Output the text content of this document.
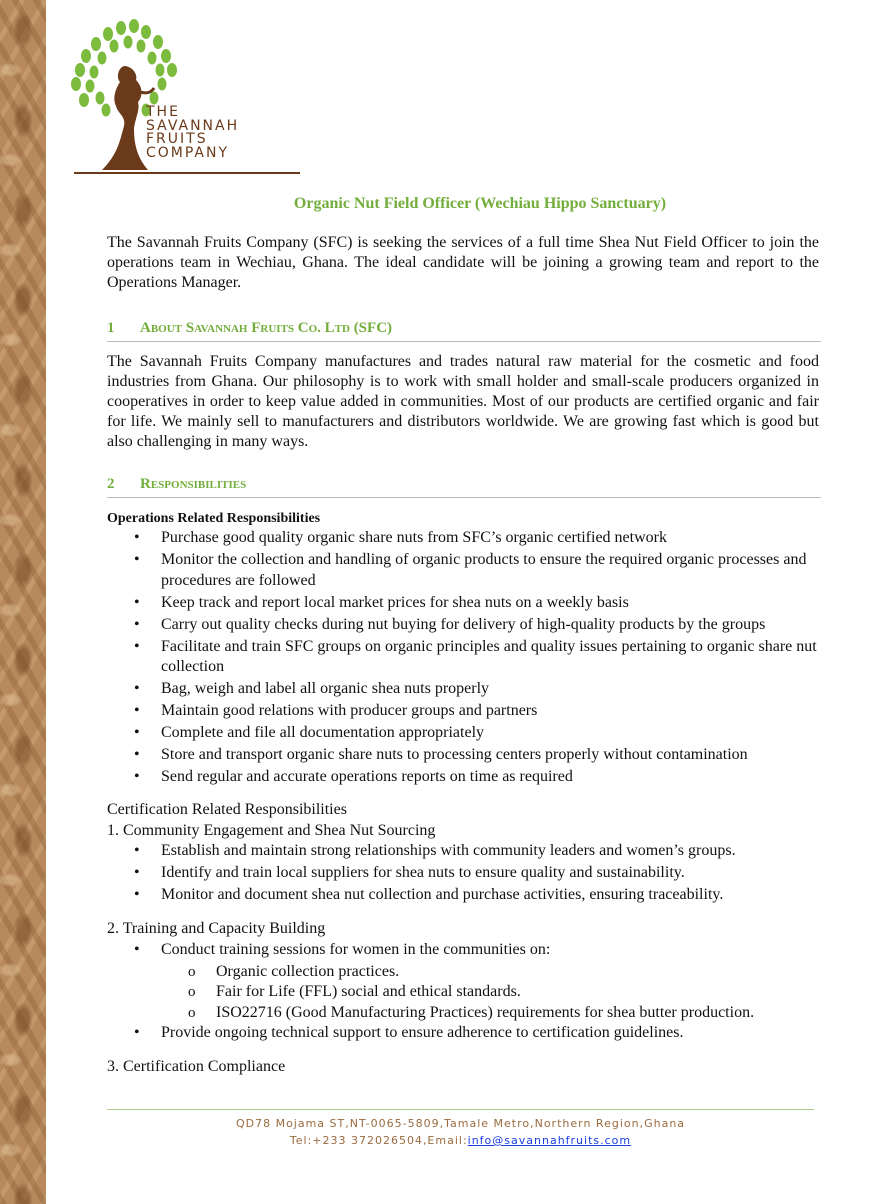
THE
SAVANNAH
FRUITS
COMPANY
Organic Nut Field Officer (Wechiau Hippo Sanctuary)

The Savannah Fruits Company (SFC) is seeking the services of a full time Shea Nut Field Officer to join the operations team in Wechiau, Ghana. The ideal candidate will be joining a growing team and report to the Operations Manager.

1 About Savannah Fruits Co. Ltd (SFC)

The Savannah Fruits Company manufactures and trades natural raw material for the cosmetic and food industries from Ghana. Our philosophy is to work with small holder and small-scale producers organized in cooperatives in order to keep value added in communities. Most of our products are certified organic and fair for life. We mainly sell to manufacturers and distributors worldwide. We are growing fast which is good but also challenging in many ways.

2 Responsibilities
Operations Related Responsibilities
• Purchase good quality organic share nuts from SFC’s organic certified network
• Monitor the collection and handling of organic products to ensure the required organic processes and procedures are followed
• Keep track and report local market prices for shea nuts on a weekly basis
• Carry out quality checks during nut buying for delivery of high-quality products by the groups
• Facilitate and train SFC groups on organic principles and quality issues pertaining to organic share nut collection
• Bag, weigh and label all organic shea nuts properly
• Maintain good relations with producer groups and partners
• Complete and file all documentation appropriately
• Store and transport organic share nuts to processing centers properly without contamination
• Send regular and accurate operations reports on time as required
Certification Related Responsibilities
1. Community Engagement and Shea Nut Sourcing
• Establish and maintain strong relationships with community leaders and women’s groups.
• Identify and train local suppliers for shea nuts to ensure quality and sustainability.
• Monitor and document shea nut collection and purchase activities, ensuring traceability.
2. Training and Capacity Building
• Conduct training sessions for women in the communities on:
o Organic collection practices.
o Fair for Life (FFL) social and ethical standards.
o ISO22716 (Good Manufacturing Practices) requirements for shea butter production.
• Provide ongoing technical support to ensure adherence to certification guidelines.
3. Certification Compliance
QD78 Mojama ST,NT-0065-5809,Tamale Metro,Northern Region,Ghana
Tel:+233 372026504,Email:info@savannahfruits.com
